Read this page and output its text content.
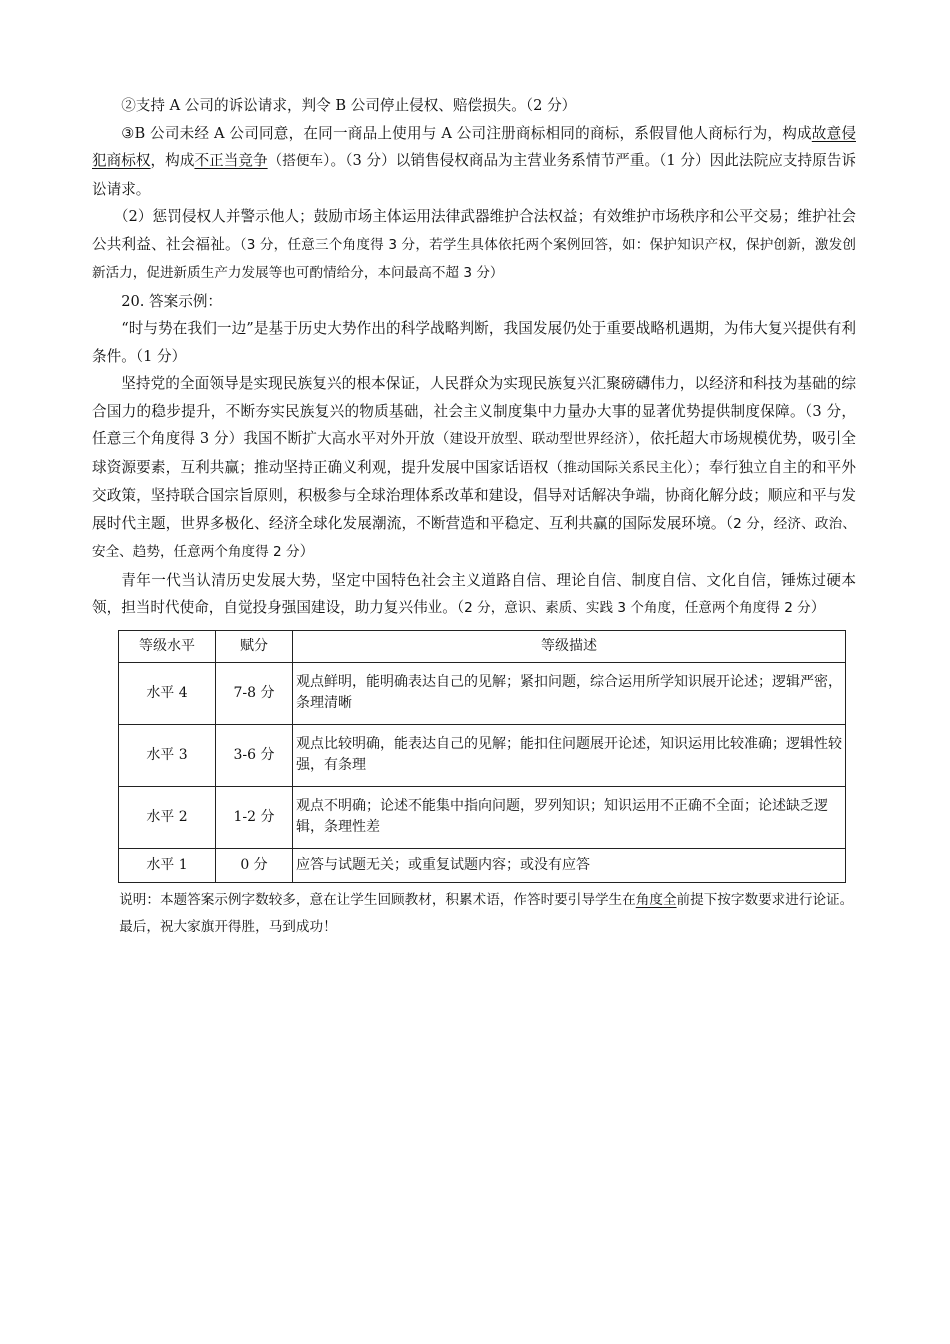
②支持 A 公司的诉讼请求，判令 B 公司停止侵权、赔偿损失。（2 分）

③B 公司未经 A 公司同意，在同一商品上使用与 A 公司注册商标相同的商标，系假冒他人商标行为，构成故意侵犯商标权，构成不正当竞争（搭便车）。（3 分）以销售侵权商品为主营业务系情节严重。（1 分）因此法院应支持原告诉讼请求。

（2）惩罚侵权人并警示他人；鼓励市场主体运用法律武器维护合法权益；有效维护市场秩序和公平交易；维护社会公共利益、社会福祉。（3 分，任意三个角度得 3 分，若学生具体依托两个案例回答，如：保护知识产权，保护创新，激发创新活力，促进新质生产力发展等也可酌情给分，本问最高不超 3 分）

20. 答案示例：

“时与势在我们一边”是基于历史大势作出的科学战略判断，我国发展仍处于重要战略机遇期，为伟大复兴提供有利条件。（1 分）

坚持党的全面领导是实现民族复兴的根本保证，人民群众为实现民族复兴汇聚磅礴伟力，以经济和科技为基础的综合国力的稳步提升，不断夯实民族复兴的物质基础，社会主义制度集中力量办大事的显著优势提供制度保障。（3 分，任意三个角度得 3 分）我国不断扩大高水平对外开放（建设开放型、联动型世界经济），依托超大市场规模优势，吸引全球资源要素，互利共赢；推动坚持正确义利观，提升发展中国家话语权（推动国际关系民主化）；奉行独立自主的和平外交政策，坚持联合国宗旨原则，积极参与全球治理体系改革和建设，倡导对话解决争端，协商化解分歧；顺应和平与发展时代主题，世界多极化、经济全球化发展潮流，不断营造和平稳定、互利共赢的国际发展环境。（2 分，经济、政治、安全、趋势，任意两个角度得 2 分）

青年一代当认清历史发展大势，坚定中国特色社会主义道路自信、理论自信、制度自信、文化自信，锤炼过硬本领，担当时代使命，自觉投身强国建设，助力复兴伟业。（2 分，意识、素质、实践 3 个角度，任意两个角度得 2 分）

等级水平	赋分	等级描述
水平 4	7-8 分	观点鲜明，能明确表达自己的见解；紧扣问题，综合运用所学知识展开论述；逻辑严密，条理清晰
水平 3	3-6 分	观点比较明确，能表达自己的见解；能扣住问题展开论述，知识运用比较准确；逻辑性较强，有条理
水平 2	1-2 分	观点不明确；论述不能集中指向问题，罗列知识；知识运用不正确不全面；论述缺乏逻辑，条理性差
水平 1	0 分	应答与试题无关；或重复试题内容；或没有应答

说明：本题答案示例字数较多，意在让学生回顾教材，积累术语，作答时要引导学生在角度全前提下按字数要求进行论证。

最后，祝大家旗开得胜，马到成功！
